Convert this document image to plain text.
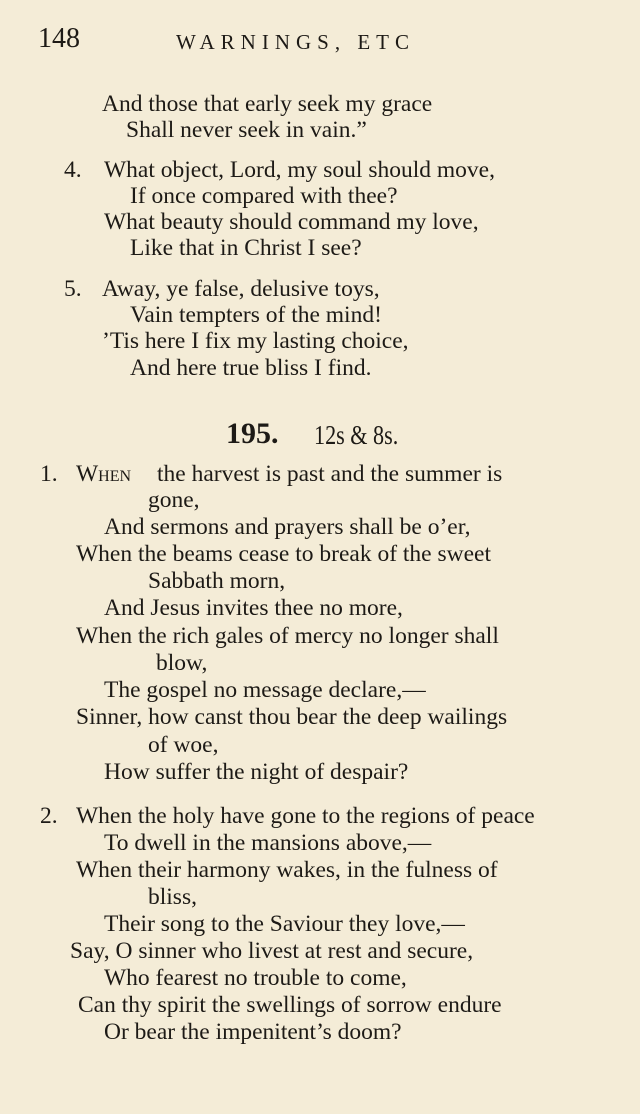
148	WARNINGS, ETC
And those that early seek my grace
Shall never seek in vain.”
4. What object, Lord, my soul should move,
If once compared with thee?
What beauty should command my love,
Like that in Christ I see?
5. Away, ye false, delusive toys,
Vain tempters of the mind!
’Tis here I fix my lasting choice,
And here true bliss I find.
195. 12s & 8s.
1. When the harvest is past and the summer is
gone,
And sermons and prayers shall be o’er,
When the beams cease to break of the sweet
Sabbath morn,
And Jesus invites thee no more,
When the rich gales of mercy no longer shall
blow,
The gospel no message declare,—
Sinner, how canst thou bear the deep wailings
of woe,
How suffer the night of despair?
2. When the holy have gone to the regions of peace
To dwell in the mansions above,—
When their harmony wakes, in the fulness of
bliss,
Their song to the Saviour they love,—
Say, O sinner who livest at rest and secure,
Who fearest no trouble to come,
Can thy spirit the swellings of sorrow endure
Or bear the impenitent’s doom?
